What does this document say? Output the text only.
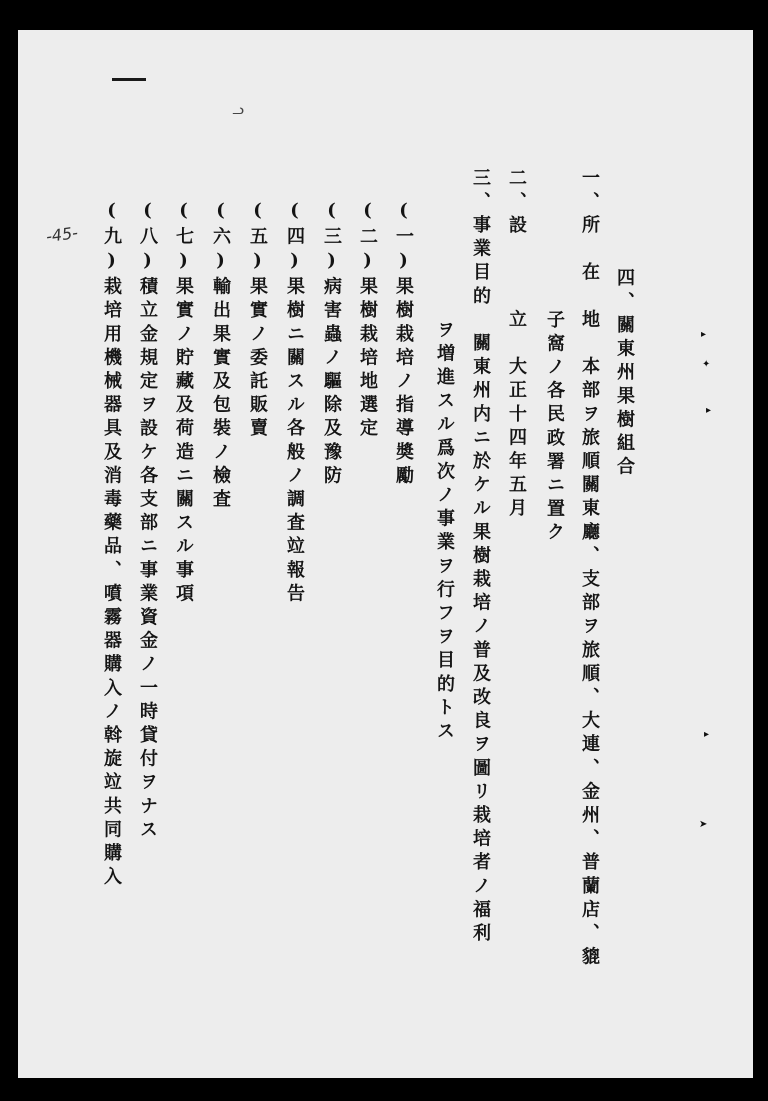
ᓗ
-45-
四、關東州果樹組合
一、所　在　地　本部ヲ旅順關東廳、支部ヲ旅順、大連、金州、普蘭店、貔
子窩ノ各民政署ニ置ク
二、設　　　立　大正十四年五月
三、事業目的　關東州内ニ於ケル果樹栽培ノ普及改良ヲ圖リ栽培者ノ福利
ヲ増進スル爲次ノ事業ヲ行フヲ目的トス
(一)果樹栽培ノ指導奬勵
(二)果樹栽培地選定
(三)病害蟲ノ驅除及豫防
(四)果樹ニ關スル各般ノ調査竝報告
(五)果實ノ委託販賣
(六)輸出果實及包裝ノ檢査
(七)果實ノ貯藏及荷造ニ關スル事項
(八)積立金規定ヲ設ケ各支部ニ事業資金ノ一時貸付ヲナス
(九)栽培用機械器具及消毒藥品、噴霧器購入ノ斡旋竝共同購入	▸
✦
▸
▸
➤
